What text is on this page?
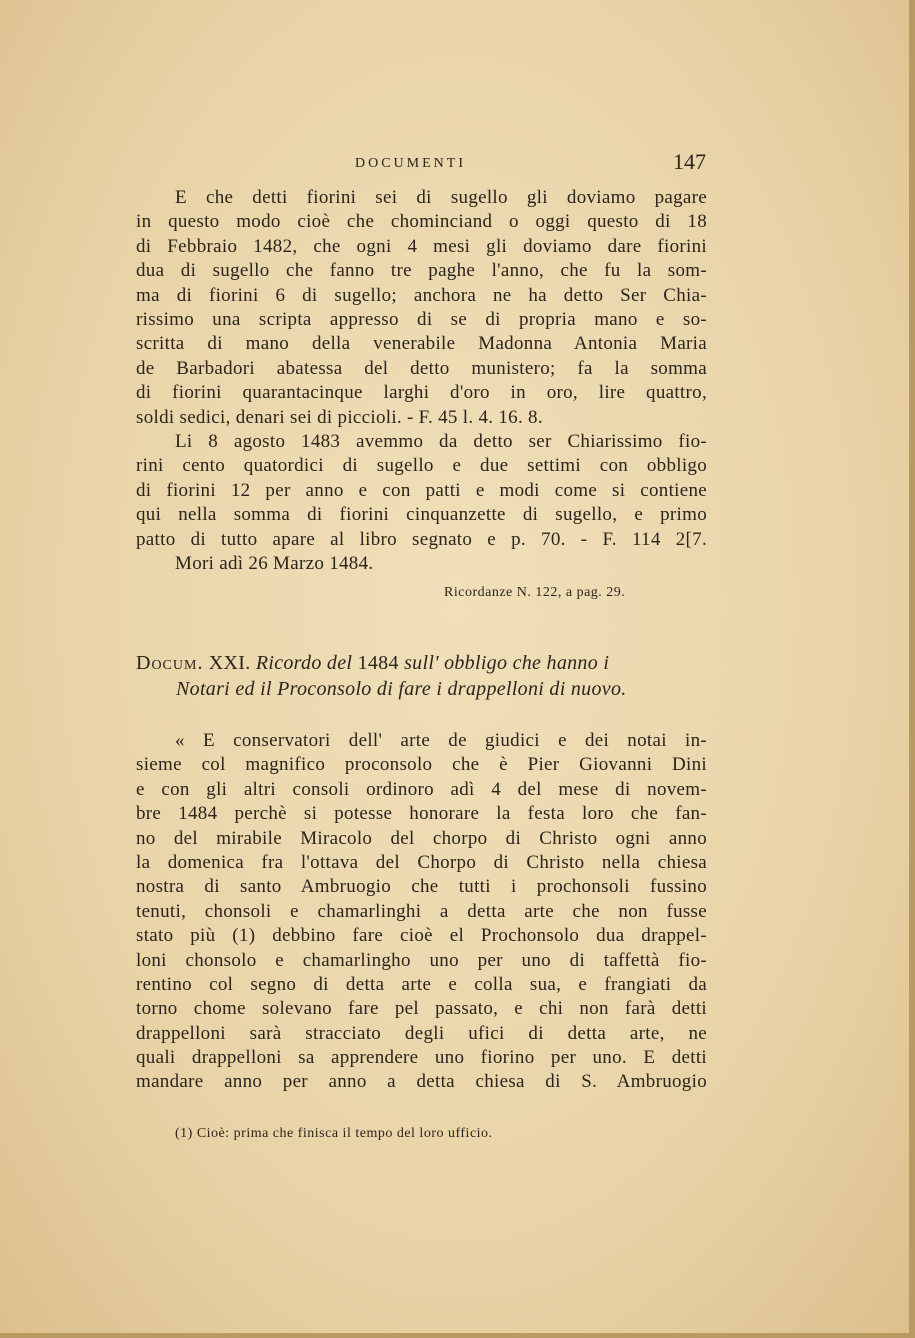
DOCUMENTI	147
E che detti fiorini sei di sugello gli doviamo pagare
in questo modo cioè che chominciand o oggi questo di 18
di Febbraio 1482, che ogni 4 mesi gli doviamo dare fiorini
dua di sugello che fanno tre paghe l'anno, che fu la som-
ma di fiorini 6 di sugello; anchora ne ha detto Ser Chia-
rissimo una scripta appresso di se di propria mano e so-
scritta di mano della venerabile Madonna Antonia Maria
de Barbadori abatessa del detto munistero; fa la somma
di fiorini quarantacinque larghi d'oro in oro, lire quattro,
soldi sedici, denari sei di piccioli. - F. 45 l. 4. 16. 8.
Li 8 agosto 1483 avemmo da detto ser Chiarissimo fio-
rini cento quatordici di sugello e due settimi con obbligo
di fiorini 12 per anno e con patti e modi come si contiene
qui nella somma di fiorini cinquanzette di sugello, e primo
patto di tutto apare al libro segnato e p. 70. - F. 114 2[7.
Mori adì 26 Marzo 1484.
Ricordanze N. 122, a pag. 29.
Docum. XXI. Ricordo del 1484 sull' obbligo che hanno i
Notari ed il Proconsolo di fare i drappelloni di nuovo.
« E conservatori dell' arte de giudici e dei notai in-
sieme col magnifico proconsolo che è Pier Giovanni Dini
e con gli altri consoli ordinoro adì 4 del mese di novem-
bre 1484 perchè si potesse honorare la festa loro che fan-
no del mirabile Miracolo del chorpo di Christo ogni anno
la domenica fra l'ottava del Chorpo di Christo nella chiesa
nostra di santo Ambruogio che tutti i prochonsoli fussino
tenuti, chonsoli e chamarlinghi a detta arte che non fusse
stato più (1) debbino fare cioè el Prochonsolo dua drappel-
loni chonsolo e chamarlingho uno per uno di taffettà fio-
rentino col segno di detta arte e colla sua, e frangiati da
torno chome solevano fare pel passato, e chi non farà detti
drappelloni sarà stracciato degli ufici di detta arte, ne
quali drappelloni sa apprendere uno fiorino per uno. E detti
mandare anno per anno a detta chiesa di S. Ambruogio
(1) Cioè: prima che finisca il tempo del loro ufficio.
